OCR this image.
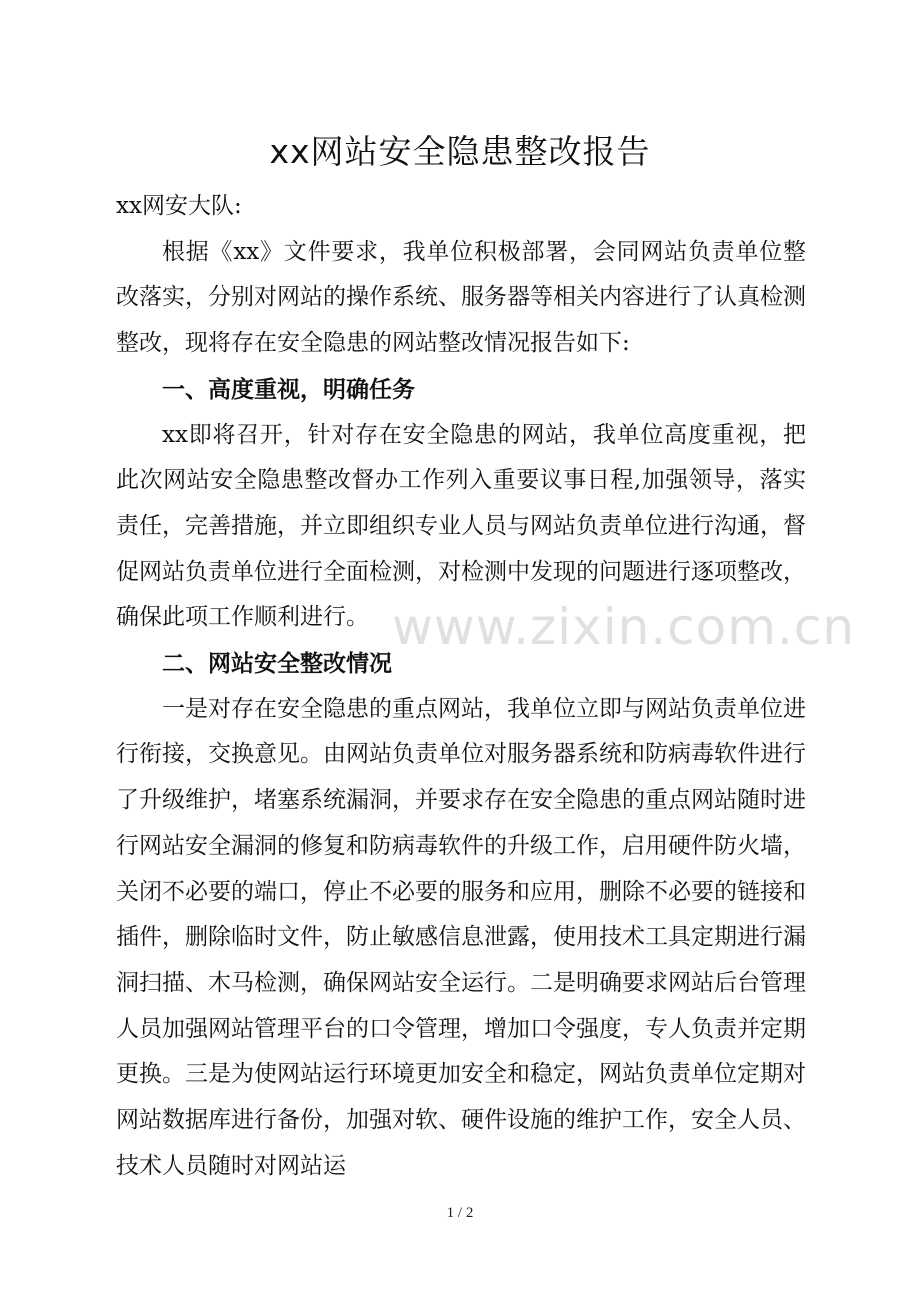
xx网站安全隐患整改报告

xx网安大队:

根据《xx》文件要求，我单位积极部署，会同网站负责单位整改落实，分别对网站的操作系统、服务器等相关内容进行了认真检测整改，现将存在安全隐患的网站整改情况报告如下:

一、高度重视，明确任务

xx即将召开，针对存在安全隐患的网站，我单位高度重视，把此次网站安全隐患整改督办工作列入重要议事日程,加强领导，落实责任，完善措施，并立即组织专业人员与网站负责单位进行沟通，督促网站负责单位进行全面检测，对检测中发现的问题进行逐项整改，确保此项工作顺利进行。

二、网站安全整改情况

一是对存在安全隐患的重点网站，我单位立即与网站负责单位进行衔接，交换意见。由网站负责单位对服务器系统和防病毒软件进行了升级维护，堵塞系统漏洞，并要求存在安全隐患的重点网站随时进行网站安全漏洞的修复和防病毒软件的升级工作，启用硬件防火墙，关闭不必要的端口，停止不必要的服务和应用，删除不必要的链接和插件，删除临时文件，防止敏感信息泄露，使用技术工具定期进行漏洞扫描、木马检测，确保网站安全运行。二是明确要求网站后台管理人员加强网站管理平台的口令管理，增加口令强度，专人负责并定期更换。三是为使网站运行环境更加安全和稳定，网站负责单位定期对网站数据库进行备份，加强对软、硬件设施的维护工作，安全人员、技术人员随时对网站运

www.zixin.com.cn
1 / 2
